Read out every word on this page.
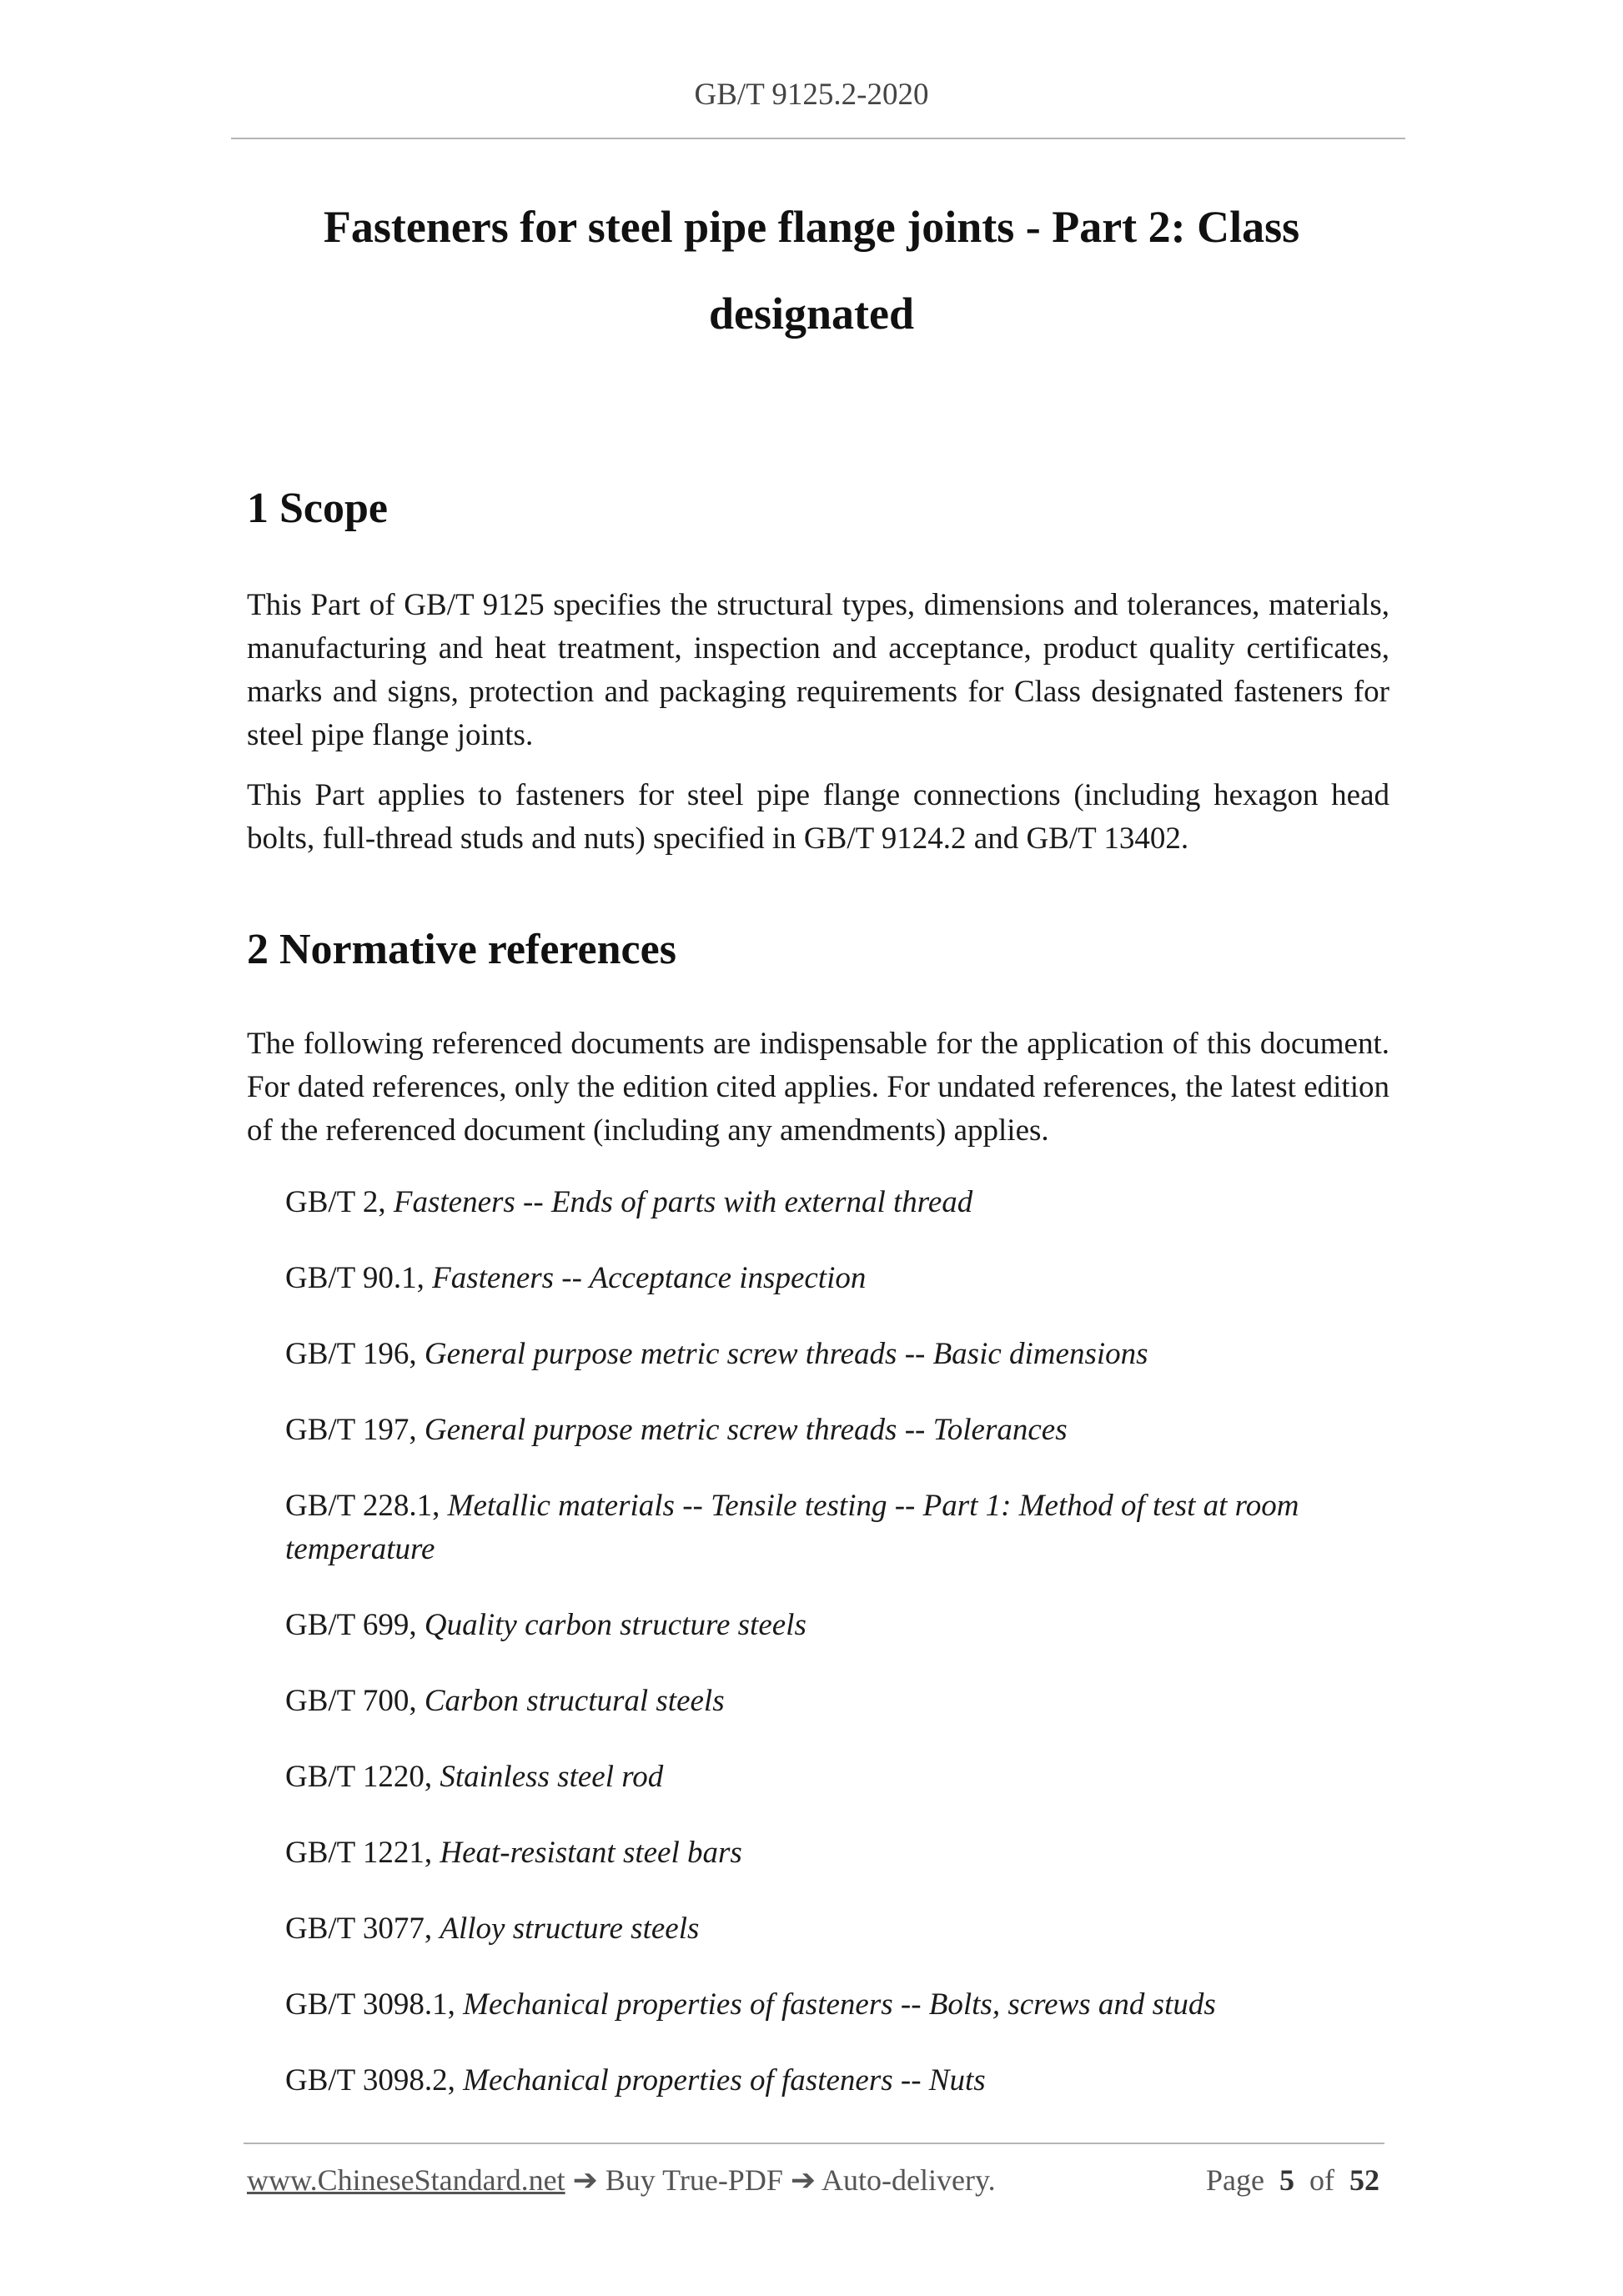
GB/T 9125.2-2020
Fasteners for steel pipe flange joints - Part 2: Class
designated
1 Scope

This Part of GB/T 9125 specifies the structural types, dimensions and tolerances, materials, manufacturing and heat treatment, inspection and acceptance, product quality certificates, marks and signs, protection and packaging requirements for Class designated fasteners for steel pipe flange joints.

This Part applies to fasteners for steel pipe flange connections (including hexagon head bolts, full-thread studs and nuts) specified in GB/T 9124.2 and GB/T 13402.

2 Normative references

The following referenced documents are indispensable for the application of this document. For dated references, only the edition cited applies. For undated references, the latest edition of the referenced document (including any amendments) applies.

GB/T 2, Fasteners -- Ends of parts with external thread

GB/T 90.1, Fasteners -- Acceptance inspection

GB/T 196, General purpose metric screw threads -- Basic dimensions

GB/T 197, General purpose metric screw threads -- Tolerances

GB/T 228.1, Metallic materials -- Tensile testing -- Part 1: Method of test at room temperature

GB/T 699, Quality carbon structure steels

GB/T 700, Carbon structural steels

GB/T 1220, Stainless steel rod

GB/T 1221, Heat-resistant steel bars

GB/T 3077, Alloy structure steels

GB/T 3098.1, Mechanical properties of fasteners -- Bolts, screws and studs

GB/T 3098.2, Mechanical properties of fasteners -- Nuts

www.ChineseStandard.net ➔ Buy True-PDF ➔ Auto-delivery.	Page 5 of 52
